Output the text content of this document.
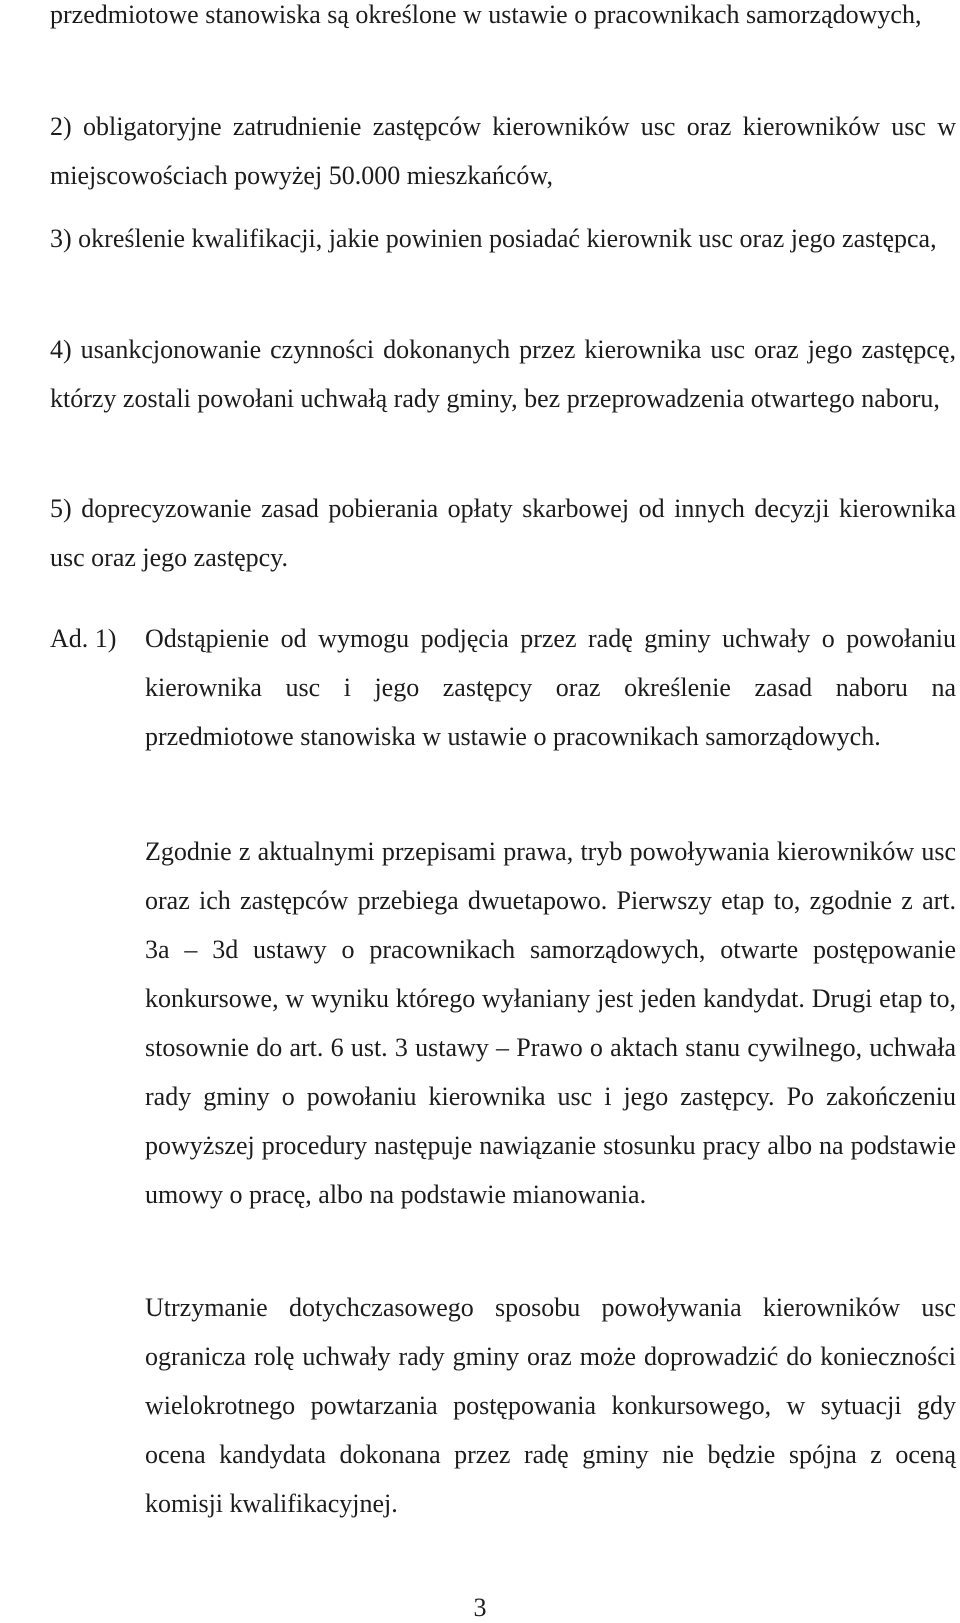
przedmiotowe stanowiska są określone w ustawie o pracownikach samorządowych,

2) obligatoryjne zatrudnienie zastępców kierowników usc oraz kierowników usc w miejscowościach powyżej 50.000 mieszkańców,

3) określenie kwalifikacji, jakie powinien posiadać kierownik usc oraz jego zastępca,

4) usankcjonowanie czynności dokonanych przez kierownika usc oraz jego zastępcę, którzy zostali powołani uchwałą rady gminy, bez przeprowadzenia otwartego naboru,

5) doprecyzowanie zasad pobierania opłaty skarbowej od innych decyzji kierownika usc oraz jego zastępcy.

Ad. 1) Odstąpienie od wymogu podjęcia przez radę gminy uchwały o powołaniu kierownika usc i jego zastępcy oraz określenie zasad naboru na przedmiotowe stanowiska w ustawie o pracownikach samorządowych.

Zgodnie z aktualnymi przepisami prawa, tryb powoływania kierowników usc oraz ich zastępców przebiega dwuetapowo. Pierwszy etap to, zgodnie z art. 3a – 3d ustawy o pracownikach samorządowych, otwarte postępowanie konkursowe, w wyniku którego wyłaniany jest jeden kandydat. Drugi etap to, stosownie do art. 6 ust. 3 ustawy – Prawo o aktach stanu cywilnego, uchwała rady gminy o powołaniu kierownika usc i jego zastępcy. Po zakończeniu powyższej procedury następuje nawiązanie stosunku pracy albo na podstawie umowy o pracę, albo na podstawie mianowania.

Utrzymanie dotychczasowego sposobu powoływania kierowników usc ogranicza rolę uchwały rady gminy oraz może doprowadzić do konieczności wielokrotnego powtarzania postępowania konkursowego, w sytuacji gdy ocena kandydata dokonana przez radę gminy nie będzie spójna z oceną komisji kwalifikacyjnej.

3
